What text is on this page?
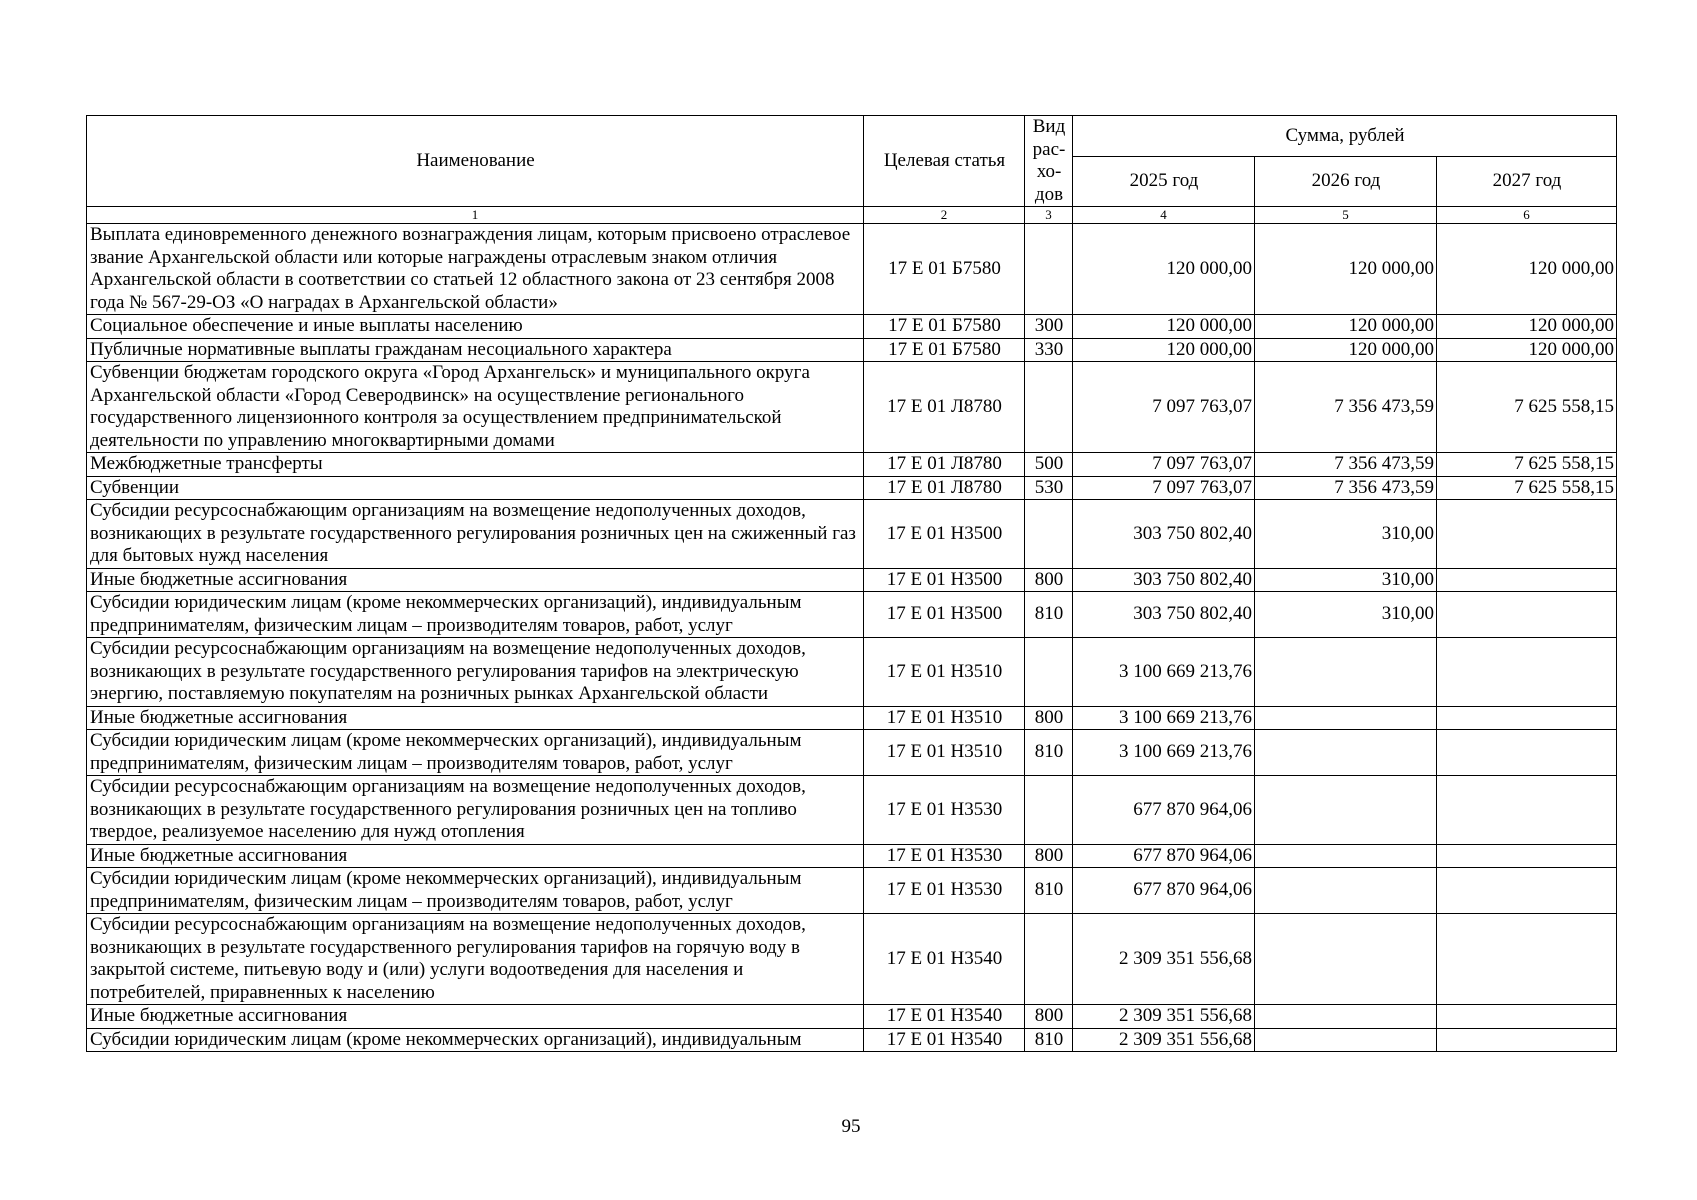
Наименование	Целевая статья	Вид рас-хо-дов	Сумма, рублей		
			2025 год	2026 год	2027 год
1	2	3	4	5	6
Выплата единовременного денежного вознаграждения лицам, которым присвоено отраслевое звание Архангельской области или которые награждены отраслевым знаком отличия Архангельской области в соответствии со статьей 12 областного закона от 23 сентября 2008 года № 567-29-ОЗ «О наградах в Архангельской области»	17 Е 01 Б7580		120 000,00	120 000,00	120 000,00
Социальное обеспечение и иные выплаты населению	17 Е 01 Б7580	300	120 000,00	120 000,00	120 000,00
Публичные нормативные выплаты гражданам несоциального характера	17 Е 01 Б7580	330	120 000,00	120 000,00	120 000,00
Субвенции бюджетам городского округа «Город Архангельск» и муниципального округа Архангельской области «Город Северодвинск» на осуществление регионального государственного лицензионного контроля за осуществлением предпринимательской деятельности по управлению многоквартирными домами	17 Е 01 Л8780		7 097 763,07	7 356 473,59	7 625 558,15
Межбюджетные трансферты	17 Е 01 Л8780	500	7 097 763,07	7 356 473,59	7 625 558,15
Субвенции	17 Е 01 Л8780	530	7 097 763,07	7 356 473,59	7 625 558,15
Субсидии ресурсоснабжающим организациям на возмещение недополученных доходов, возникающих в результате государственного регулирования розничных цен на сжиженный газ для бытовых нужд населения	17 Е 01 Н3500		303 750 802,40	310,00	
Иные бюджетные ассигнования	17 Е 01 Н3500	800	303 750 802,40	310,00	
Субсидии юридическим лицам (кроме некоммерческих организаций), индивидуальным предпринимателям, физическим лицам – производителям товаров, работ, услуг	17 Е 01 Н3500	810	303 750 802,40	310,00	
Субсидии ресурсоснабжающим организациям на возмещение недополученных доходов, возникающих в результате государственного регулирования тарифов на электрическую энергию, поставляемую покупателям на розничных рынках Архангельской области	17 Е 01 Н3510		3 100 669 213,76		
Иные бюджетные ассигнования	17 Е 01 Н3510	800	3 100 669 213,76		
Субсидии юридическим лицам (кроме некоммерческих организаций), индивидуальным предпринимателям, физическим лицам – производителям товаров, работ, услуг	17 Е 01 Н3510	810	3 100 669 213,76		
Субсидии ресурсоснабжающим организациям на возмещение недополученных доходов, возникающих в результате государственного регулирования розничных цен на топливо твердое, реализуемое населению для нужд отопления	17 Е 01 Н3530		677 870 964,06		
Иные бюджетные ассигнования	17 Е 01 Н3530	800	677 870 964,06		
Субсидии юридическим лицам (кроме некоммерческих организаций), индивидуальным предпринимателям, физическим лицам – производителям товаров, работ, услуг	17 Е 01 Н3530	810	677 870 964,06		
Субсидии ресурсоснабжающим организациям на возмещение недополученных доходов, возникающих в результате государственного регулирования тарифов на горячую воду в закрытой системе, питьевую воду и (или) услуги водоотведения для населения и потребителей, приравненных к населению	17 Е 01 Н3540		2 309 351 556,68		
Иные бюджетные ассигнования	17 Е 01 Н3540	800	2 309 351 556,68		
Субсидии юридическим лицам (кроме некоммерческих организаций), индивидуальным	17 Е 01 Н3540	810	2 309 351 556,68		
95
